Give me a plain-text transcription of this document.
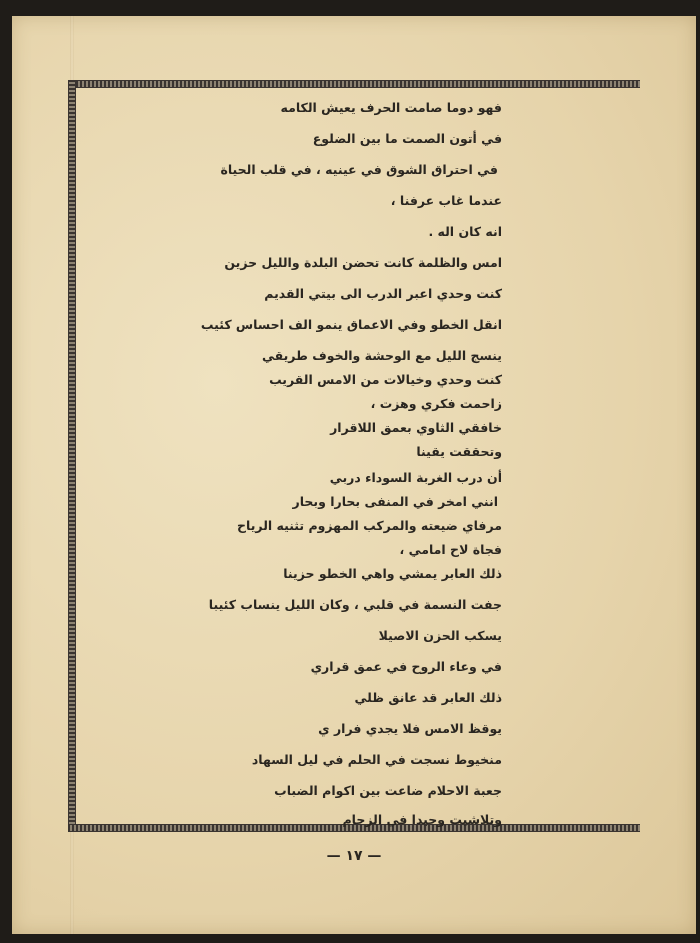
فهو دوما صامت الحرف يعيش الكامه
في أتون الصمت ما بين الضلوع
في احتراق الشوق في عينيه ، في قلب الحياة
عندما غاب عرفنا ،
انه كان اله .
امس والظلمة كانت تحضن البلدة والليل حزين
كنت وحدي اعبر الدرب الى بيتي القديم
انقل الخطو وفي الاعماق ينمو الف احساس كئيب
ينسج الليل مع الوحشة والخوف طريقي
كنت وحدي وخيالات من الامس القريب
زاحمت فكري وهزت ،
خافقي الثاوي بعمق اللاقرار
وتحققت يقينا
أن درب الغربة السوداء دربي
انني امخر في المنفى بحارا وبحار
مرفاي ضيعته والمركب المهزوم تثنيه الرياح
فجاة لاح امامي ،
ذلك العابر يمشي واهي الخطو حزينا
جفت النسمة في قلبي ، وكان الليل ينساب كئيبا
يسكب الحزن الاصيلا
في وعاء الروح في عمق قراري
ذلك العابر قد عانق ظلي
يوقظ الامس فلا يجدي فرار ي
منخيوط نسجت في الحلم في ليل السهاد
جعبة الاحلام ضاعت بين اكوام الضباب
وتلاشيت وحيدا في الزحام
— ١٧ —
